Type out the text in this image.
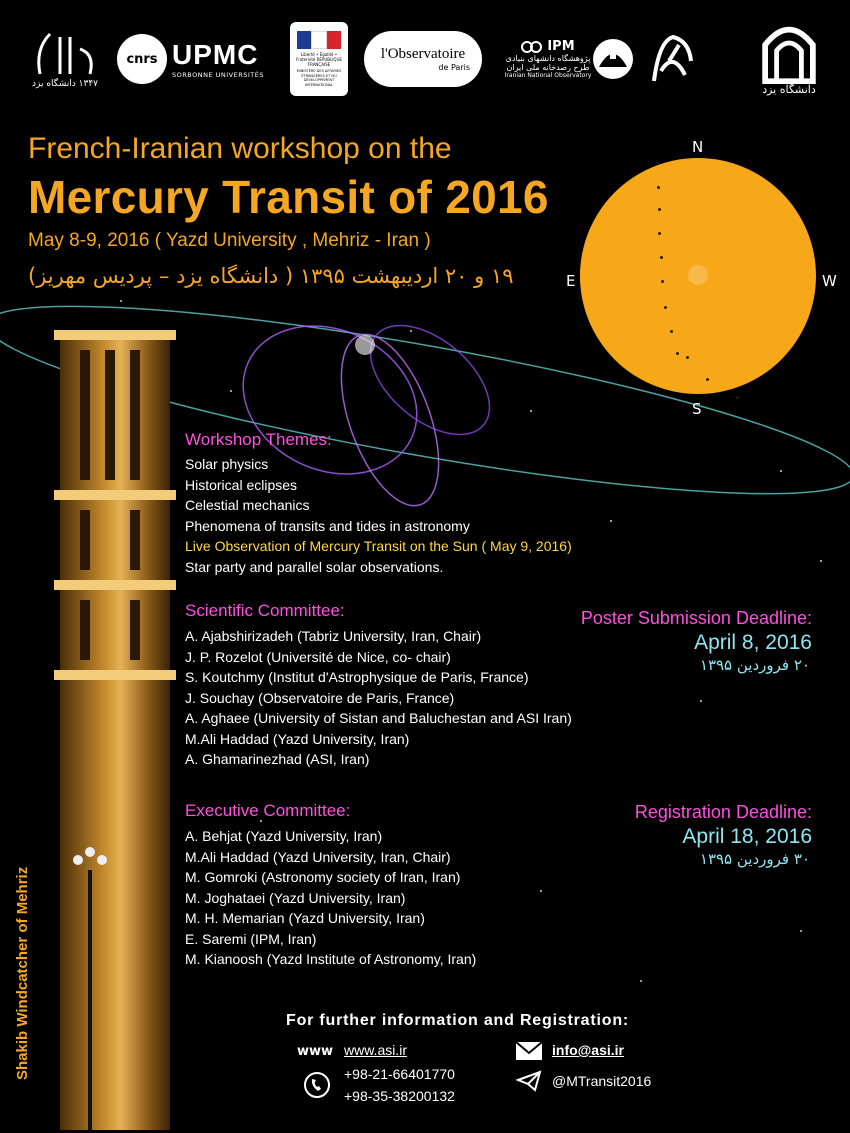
۱۳۴۷ دانشگاه یزد
cnrs UPMC
SORBONNE UNIVERSITÉS
Liberté • Égalité • Fraternité RÉPUBLIQUE FRANÇAISE
MINISTÈRE DES AFFAIRES ÉTRANGÈRES ET DU DÉVELOPPEMENT INTERNATIONAL
l'Observatoire
de Paris
IPM
پژوهشگاه دانشهای بنیادی
طرح رصدخانه ملی ایران
Iranian National Observatory
دانشگاه یزد
French-Iranian workshop on the
Mercury Transit of 2016
May 8-9, 2016 ( Yazd University , Mehriz - Iran )
۱۹ و ۲۰ اردیبهشت ۱۳۹۵ ( دانشگاه یزد – پردیس مهریز)
N
S
E	W
Shakib Windcatcher of Mehriz
Workshop Themes:
Solar physics
Historical eclipses
Celestial mechanics
Phenomena of transits and tides in astronomy
Live Observation of Mercury Transit on the Sun ( May 9, 2016)
Star party and parallel solar observations.
Scientific Committee:
A. Ajabshirizadeh (Tabriz University, Iran, Chair)
J. P. Rozelot (Université de Nice, co- chair)
S. Koutchmy (Institut d'Astrophysique de Paris, France)
J. Souchay (Observatoire de Paris, France)
A. Aghaee (University of Sistan and Baluchestan and ASI Iran)
M.Ali Haddad (Yazd University, Iran)
A. Ghamarinezhad (ASI, Iran)
Executive Committee:
A. Behjat (Yazd University, Iran)
M.Ali Haddad (Yazd University, Iran, Chair)
M. Gomroki (Astronomy society of Iran, Iran)
M. Joghataei (Yazd University, Iran)
M. H. Memarian (Yazd University, Iran)
E. Saremi (IPM, Iran)
M. Kianoosh (Yazd Institute of Astronomy, Iran)
Poster Submission Deadline:
April 8, 2016
۲۰ فروردین ۱۳۹۵
Registration Deadline:
April 18, 2016
۳۰ فروردین ۱۳۹۵
For further information and Registration:
www www.asi.ir	info@asi.ir
+98-21-66401770
+98-35-38200132
@MTransit2016
